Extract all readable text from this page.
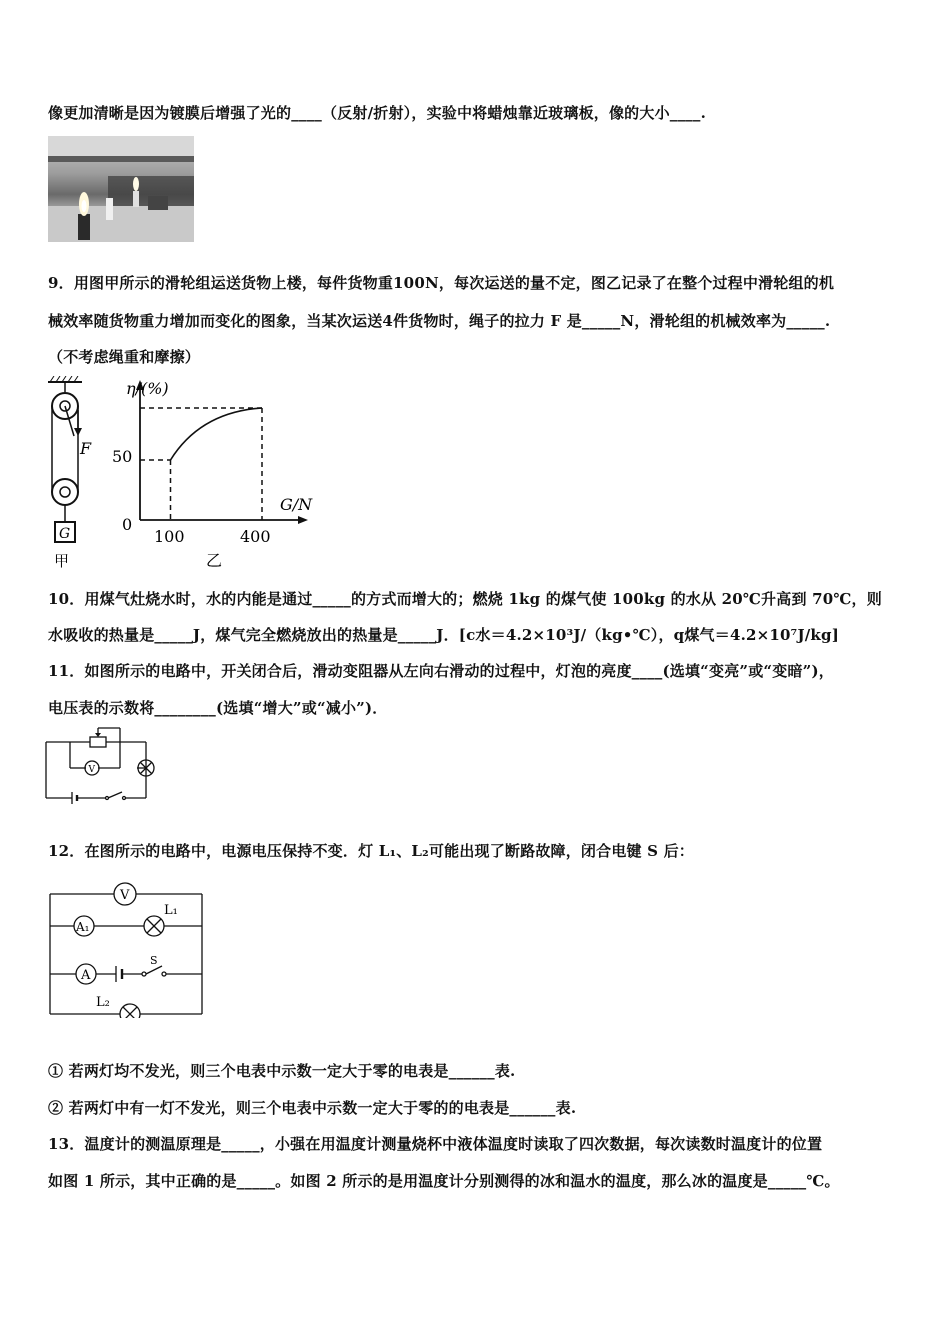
像更加清晰是因为镀膜后增强了光的____（反射/折射），实验中将蜡烛靠近玻璃板，像的大小____.
9．用图甲所示的滑轮组运送货物上楼，每件货物重100N，每次运送的量不定，图乙记录了在整个过程中滑轮组的机
械效率随货物重力增加而变化的图象，当某次运送4件货物时，绳子的拉力 F 是_____N，滑轮组的机械效率为_____.
（不考虑绳重和摩擦）
F
G
甲
η/(%)
G/N
0
100	400
50
乙
10．用煤气灶烧水时，水的内能是通过_____的方式而增大的；燃烧 1kg 的煤气使 100kg 的水从 20℃升高到 70℃，则
水吸收的热量是_____J，煤气完全燃烧放出的热量是_____J．[c水＝4.2×10³J/（kg•℃），q煤气＝4.2×10⁷J/kg]
11．如图所示的电路中，开关闭合后，滑动变阻器从左向右滑动的过程中，灯泡的亮度____(选填“变亮”或“变暗”)，
电压表的示数将________(选填“增大”或“减小”)．
V
12．在图所示的电路中，电源电压保持不变．灯 L₁、L₂可能出现了断路故障，闭合电键 S 后：
V
A₁
A
L₁
L₂
S
① 若两灯均不发光，则三个电表中示数一定大于零的电表是______表.
② 若两灯中有一灯不发光，则三个电表中示数一定大于零的的电表是______表.
13．温度计的测温原理是_____，小强在用温度计测量烧杯中液体温度时读取了四次数据，每次读数时温度计的位置
如图 1 所示，其中正确的是_____。如图 2 所示的是用温度计分别测得的冰和温水的温度，那么冰的温度是_____℃。
